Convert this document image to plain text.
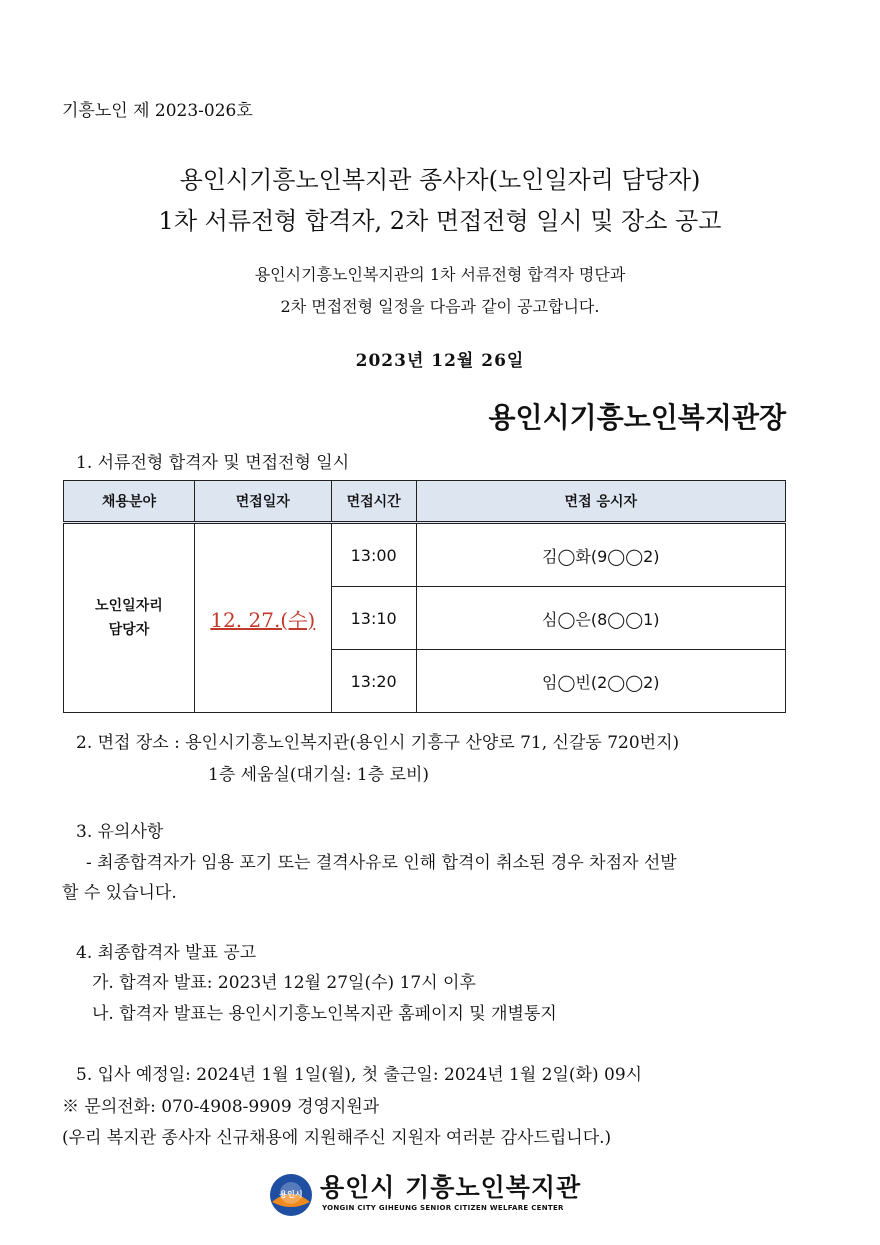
기흥노인 제 2023-026호
용인시기흥노인복지관 종사자(노인일자리 담당자)
1차 서류전형 합격자, 2차 면접전형 일시 및 장소 공고
용인시기흥노인복지관의 1차 서류전형 합격자 명단과
2차 면접전형 일정을 다음과 같이 공고합니다.
2023년 12월 26일
용인시기흥노인복지관장
1. 서류전형 합격자 및 면접전형 일시
채용분야	면접일자	면접시간	면접 응시자

노인일자리 담당자	12. 27.(수)	13:00	김◯화(9◯◯2)
		13:10	심◯은(8◯◯1)
		13:20	임◯빈(2◯◯2)
2. 면접 장소 : 용인시기흥노인복지관(용인시 기흥구 산양로 71, 신갈동 720번지)
1층 세움실(대기실: 1층 로비)
3. 유의사항
- 최종합격자가 임용 포기 또는 결격사유로 인해 합격이 취소된 경우 차점자 선발
할 수 있습니다.
4. 최종합격자 발표 공고
가. 합격자 발표: 2023년 12월 27일(수) 17시 이후
나. 합격자 발표는 용인시기흥노인복지관 홈페이지 및 개별통지
5. 입사 예정일: 2024년 1월 1일(월), 첫 출근일: 2024년 1월 2일(화) 09시
※ 문의전화: 070-4908-9909 경영지원과
(우리 복지관 종사자 신규채용에 지원해주신 지원자 여러분 감사드립니다.)
용인시 용인시 기흥노인복지관
YONGIN CITY GIHEUNG SENIOR CITIZEN WELFARE CENTER
